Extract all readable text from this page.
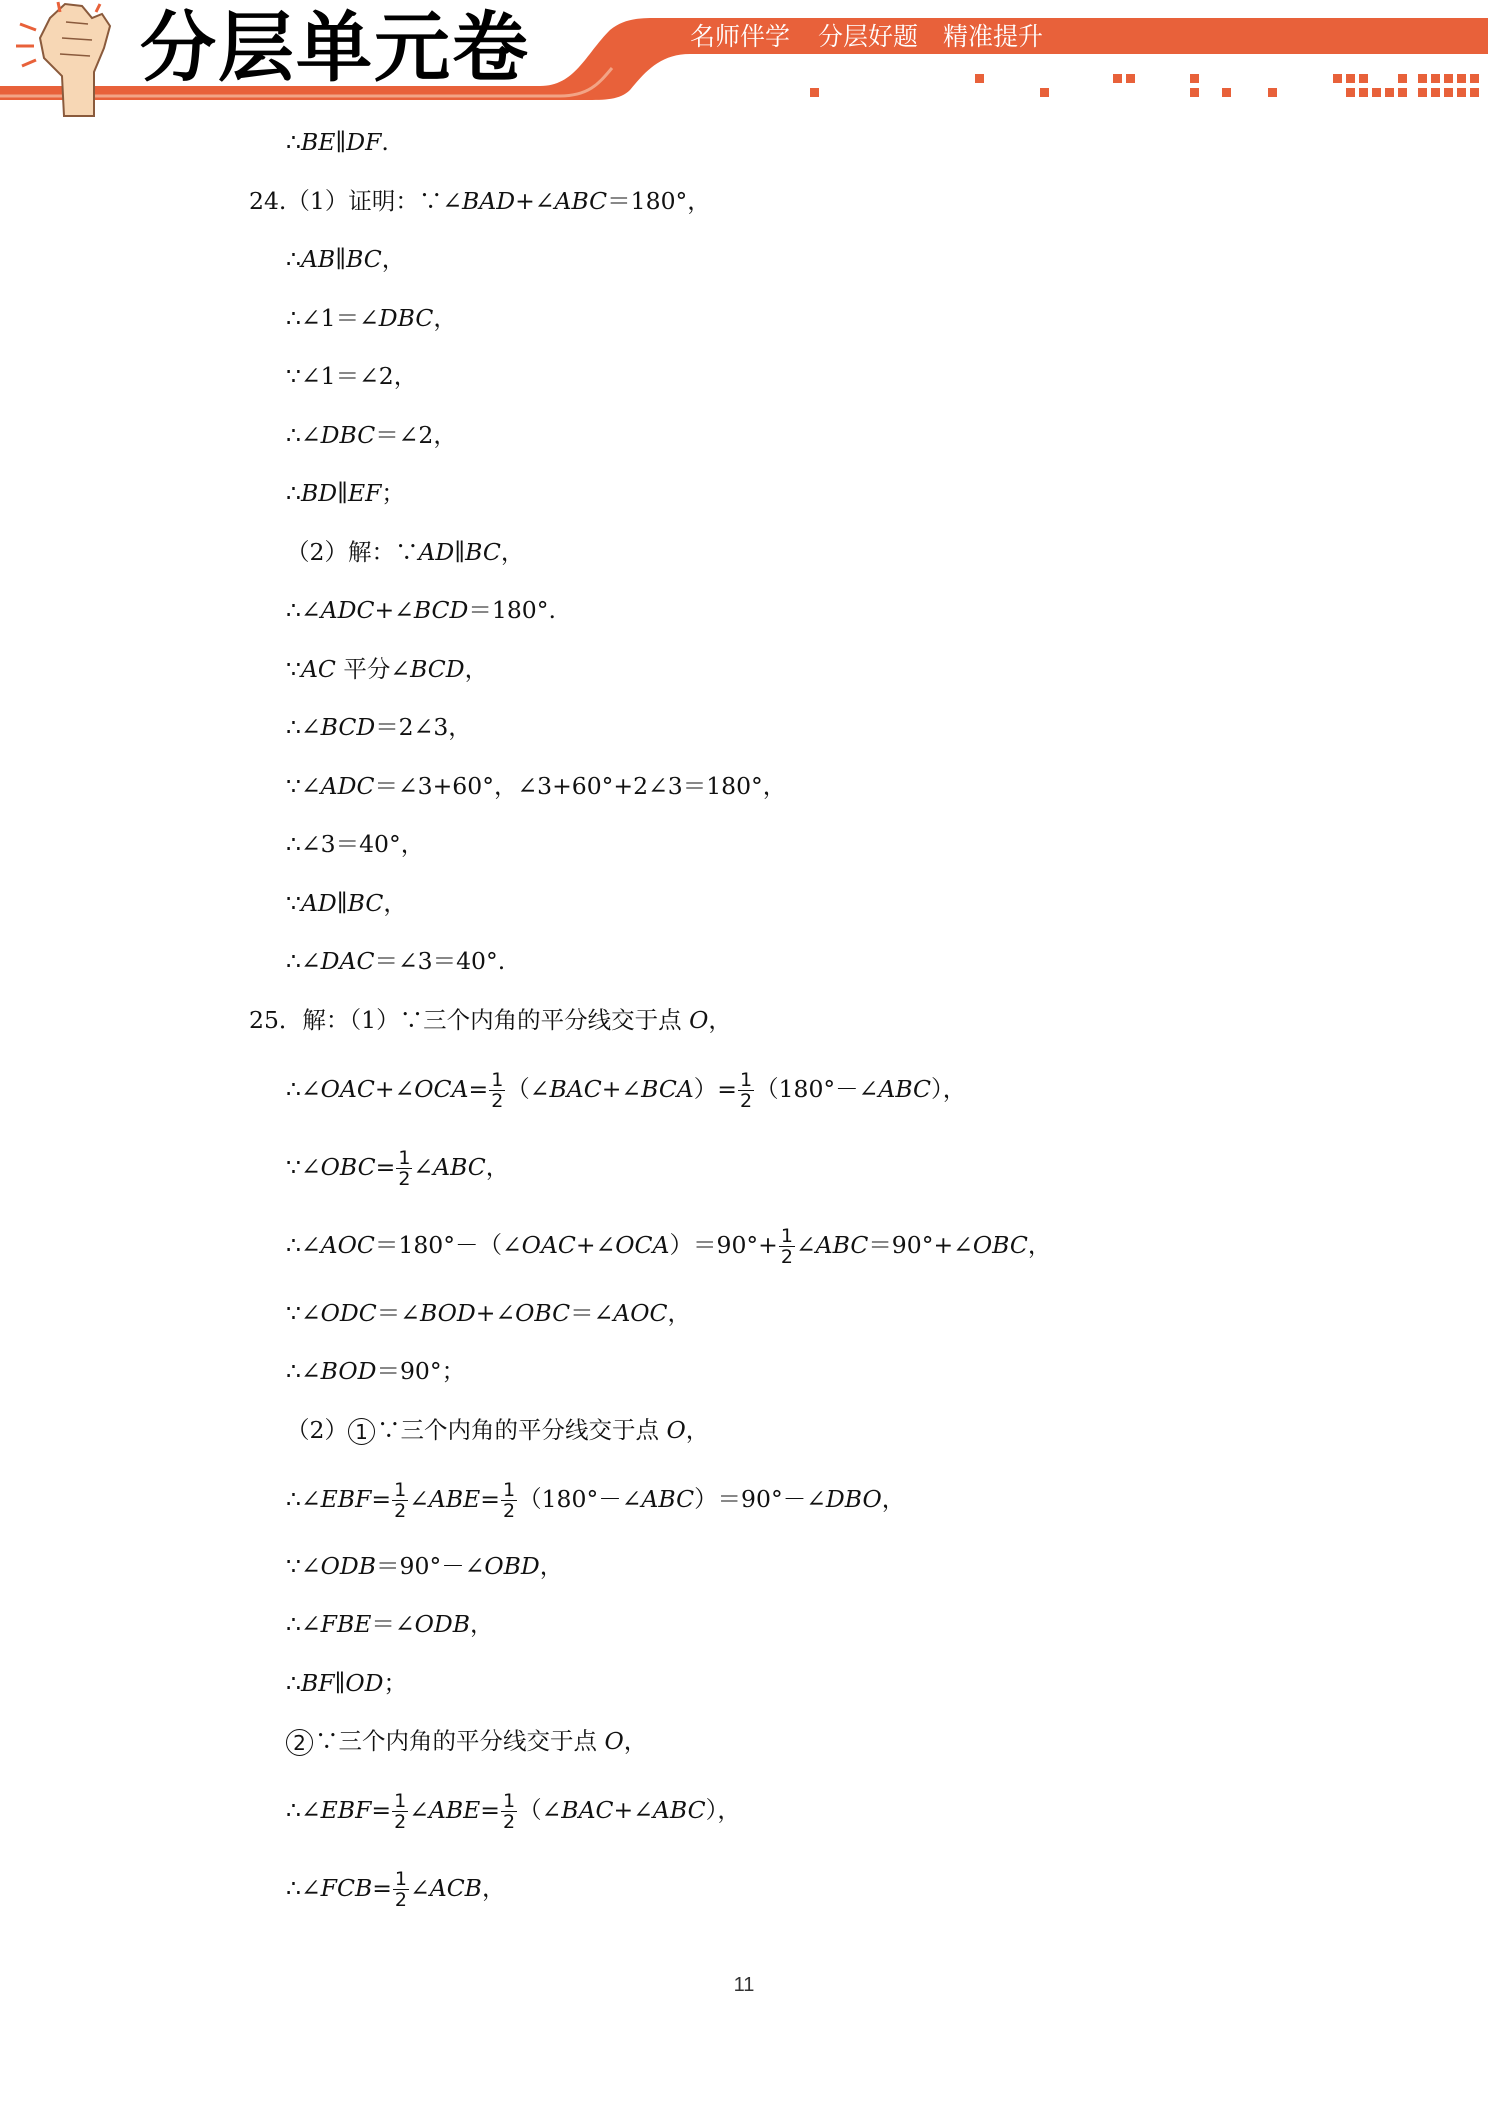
分层单元卷	名师伴学 分层好题 精准提升
∴BE∥DF.
24.（1）证明：∵∠BAD+∠ABC＝180°，
∴AB∥BC，
∴∠1＝∠DBC，
∵∠1＝∠2，
∴∠DBC＝∠2，
∴BD∥EF；
（2）解：∵AD∥BC，
∴∠ADC+∠BCD＝180°.
∵AC 平分∠BCD，
∴∠BCD＝2∠3，
∵∠ADC＝∠3+60°，∠3+60°+2∠3＝180°，
∴∠3＝40°，
∵AD∥BC，
∴∠DAC＝∠3＝40°.
25．解：（1）∵三个内角的平分线交于点 O，
∴∠OAC+∠OCA= $\frac{1}{2}$ （∠BAC+∠BCA）= $\frac{1}{2}$ （180°－∠ABC），
∵∠OBC= $\frac{1}{2}$ ∠ABC，
∴∠AOC＝180°－（∠OAC+∠OCA）＝90°+ $\frac{1}{2}$ ∠ABC＝90°+∠OBC，
∵∠ODC＝∠BOD+∠OBC＝∠AOC，
∴∠BOD＝90°；
（2） 1 ∵三个内角的平分线交于点 O，
∴∠EBF= $\frac{1}{2}$ ∠ABE= $\frac{1}{2}$ （180°－∠ABC）＝90°－∠DBO，
∵∠ODB＝90°－∠OBD，
∴∠FBE＝∠ODB，
∴BF∥OD；
2 ∵三个内角的平分线交于点 O，
∴∠EBF= $\frac{1}{2}$ ∠ABE= $\frac{1}{2}$ （∠BAC+∠ABC），
∴∠FCB= $\frac{1}{2}$ ∠ACB，
11
